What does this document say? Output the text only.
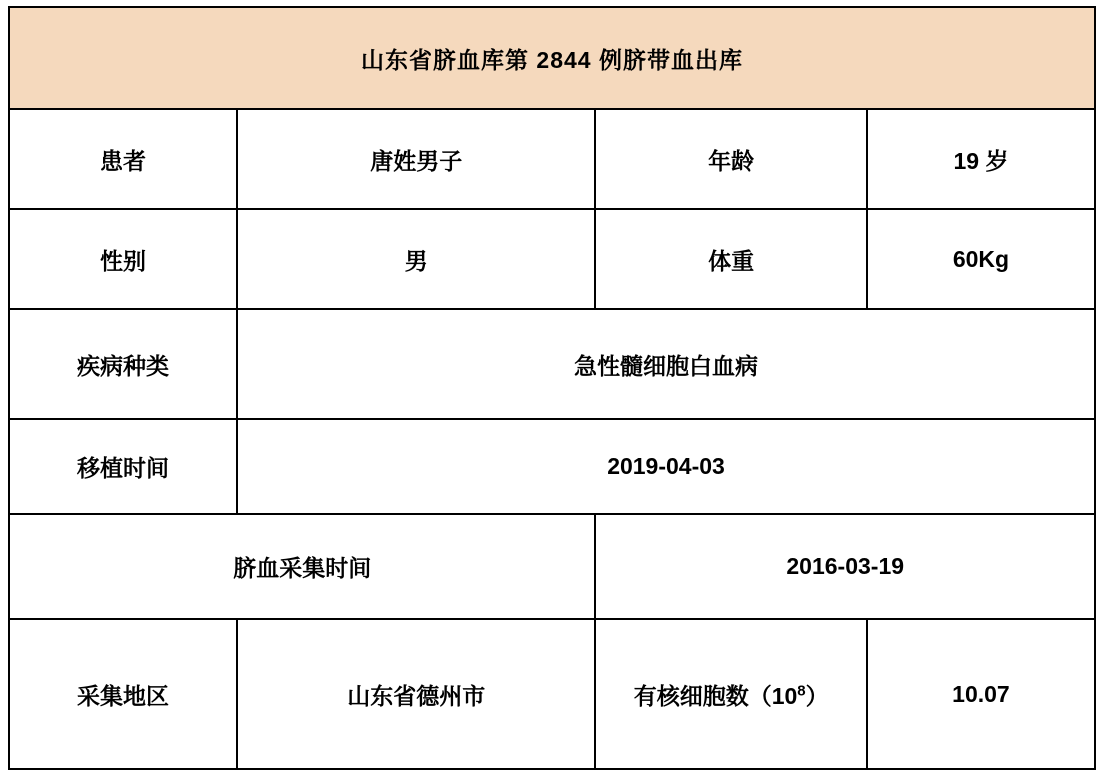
山东省脐血库第 2844 例脐带血出库			
患者	唐姓男子	年龄	19 岁
性别	男	体重	60Kg
疾病种类	急性髓细胞白血病		
移植时间	2019-04-03		
脐血采集时间		2016-03-19	
采集地区	山东省德州市	有核细胞数$(10^8)$	10.07
